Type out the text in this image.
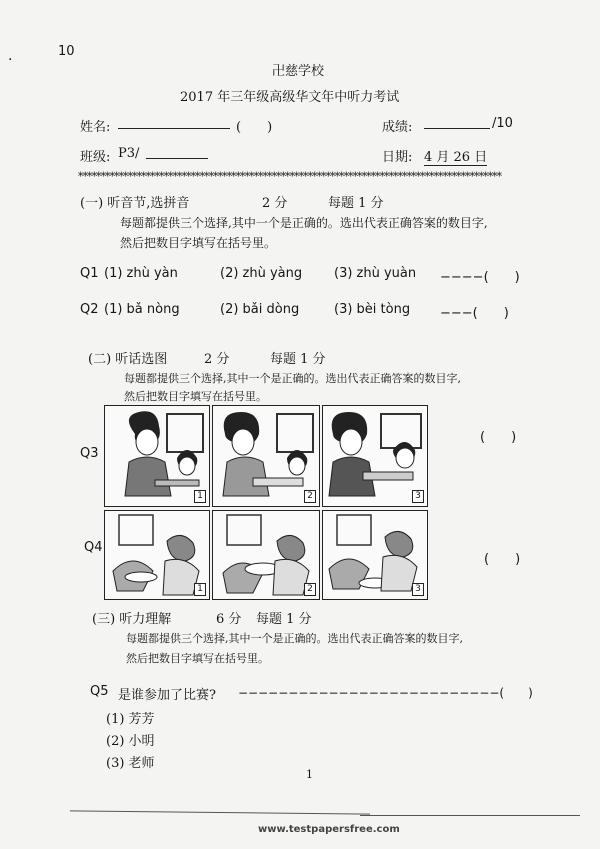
·
10
卍慈学校
2017 年三年级高级华文年中听力考试
姓名:	(　　)	成绩:	/10
班级: P3/	日期: 4 月 26 日
**********************************************************************************************
(一) 听音节,选拼音	2 分	每题 1 分
每题都提供三个选择,其中一个是正确的。选出代表正确答案的数目字,
然后把数目字填写在括号里。
Q1 (1) zhù yàn	(2) zhù yàng (3) zhù yuàn −−−−(　　)
Q2 (1) bǎ nòng	(2) bǎi dòng	(3) bèi tòng −−−(　　)
(二) 听话选图	2 分	每题 1 分
每题都提供三个选择,其中一个是正确的。选出代表正确答案的数目字,
然后把数目字填写在括号里。
Q3
Q4
(　　)
(　　)
1	2	3
1	2	3
(三) 听力理解	6 分 每题 1 分
每题都提供三个选择,其中一个是正确的。选出代表正确答案的数目字,
然后把数目字填写在括号里。
Q5 是谁参加了比赛? −−−−−−−−−−−−−−−−−−−−−−−−−−(　　)
(1) 芳芳
(2) 小明
(3) 老师
1
www.testpapersfree.com
